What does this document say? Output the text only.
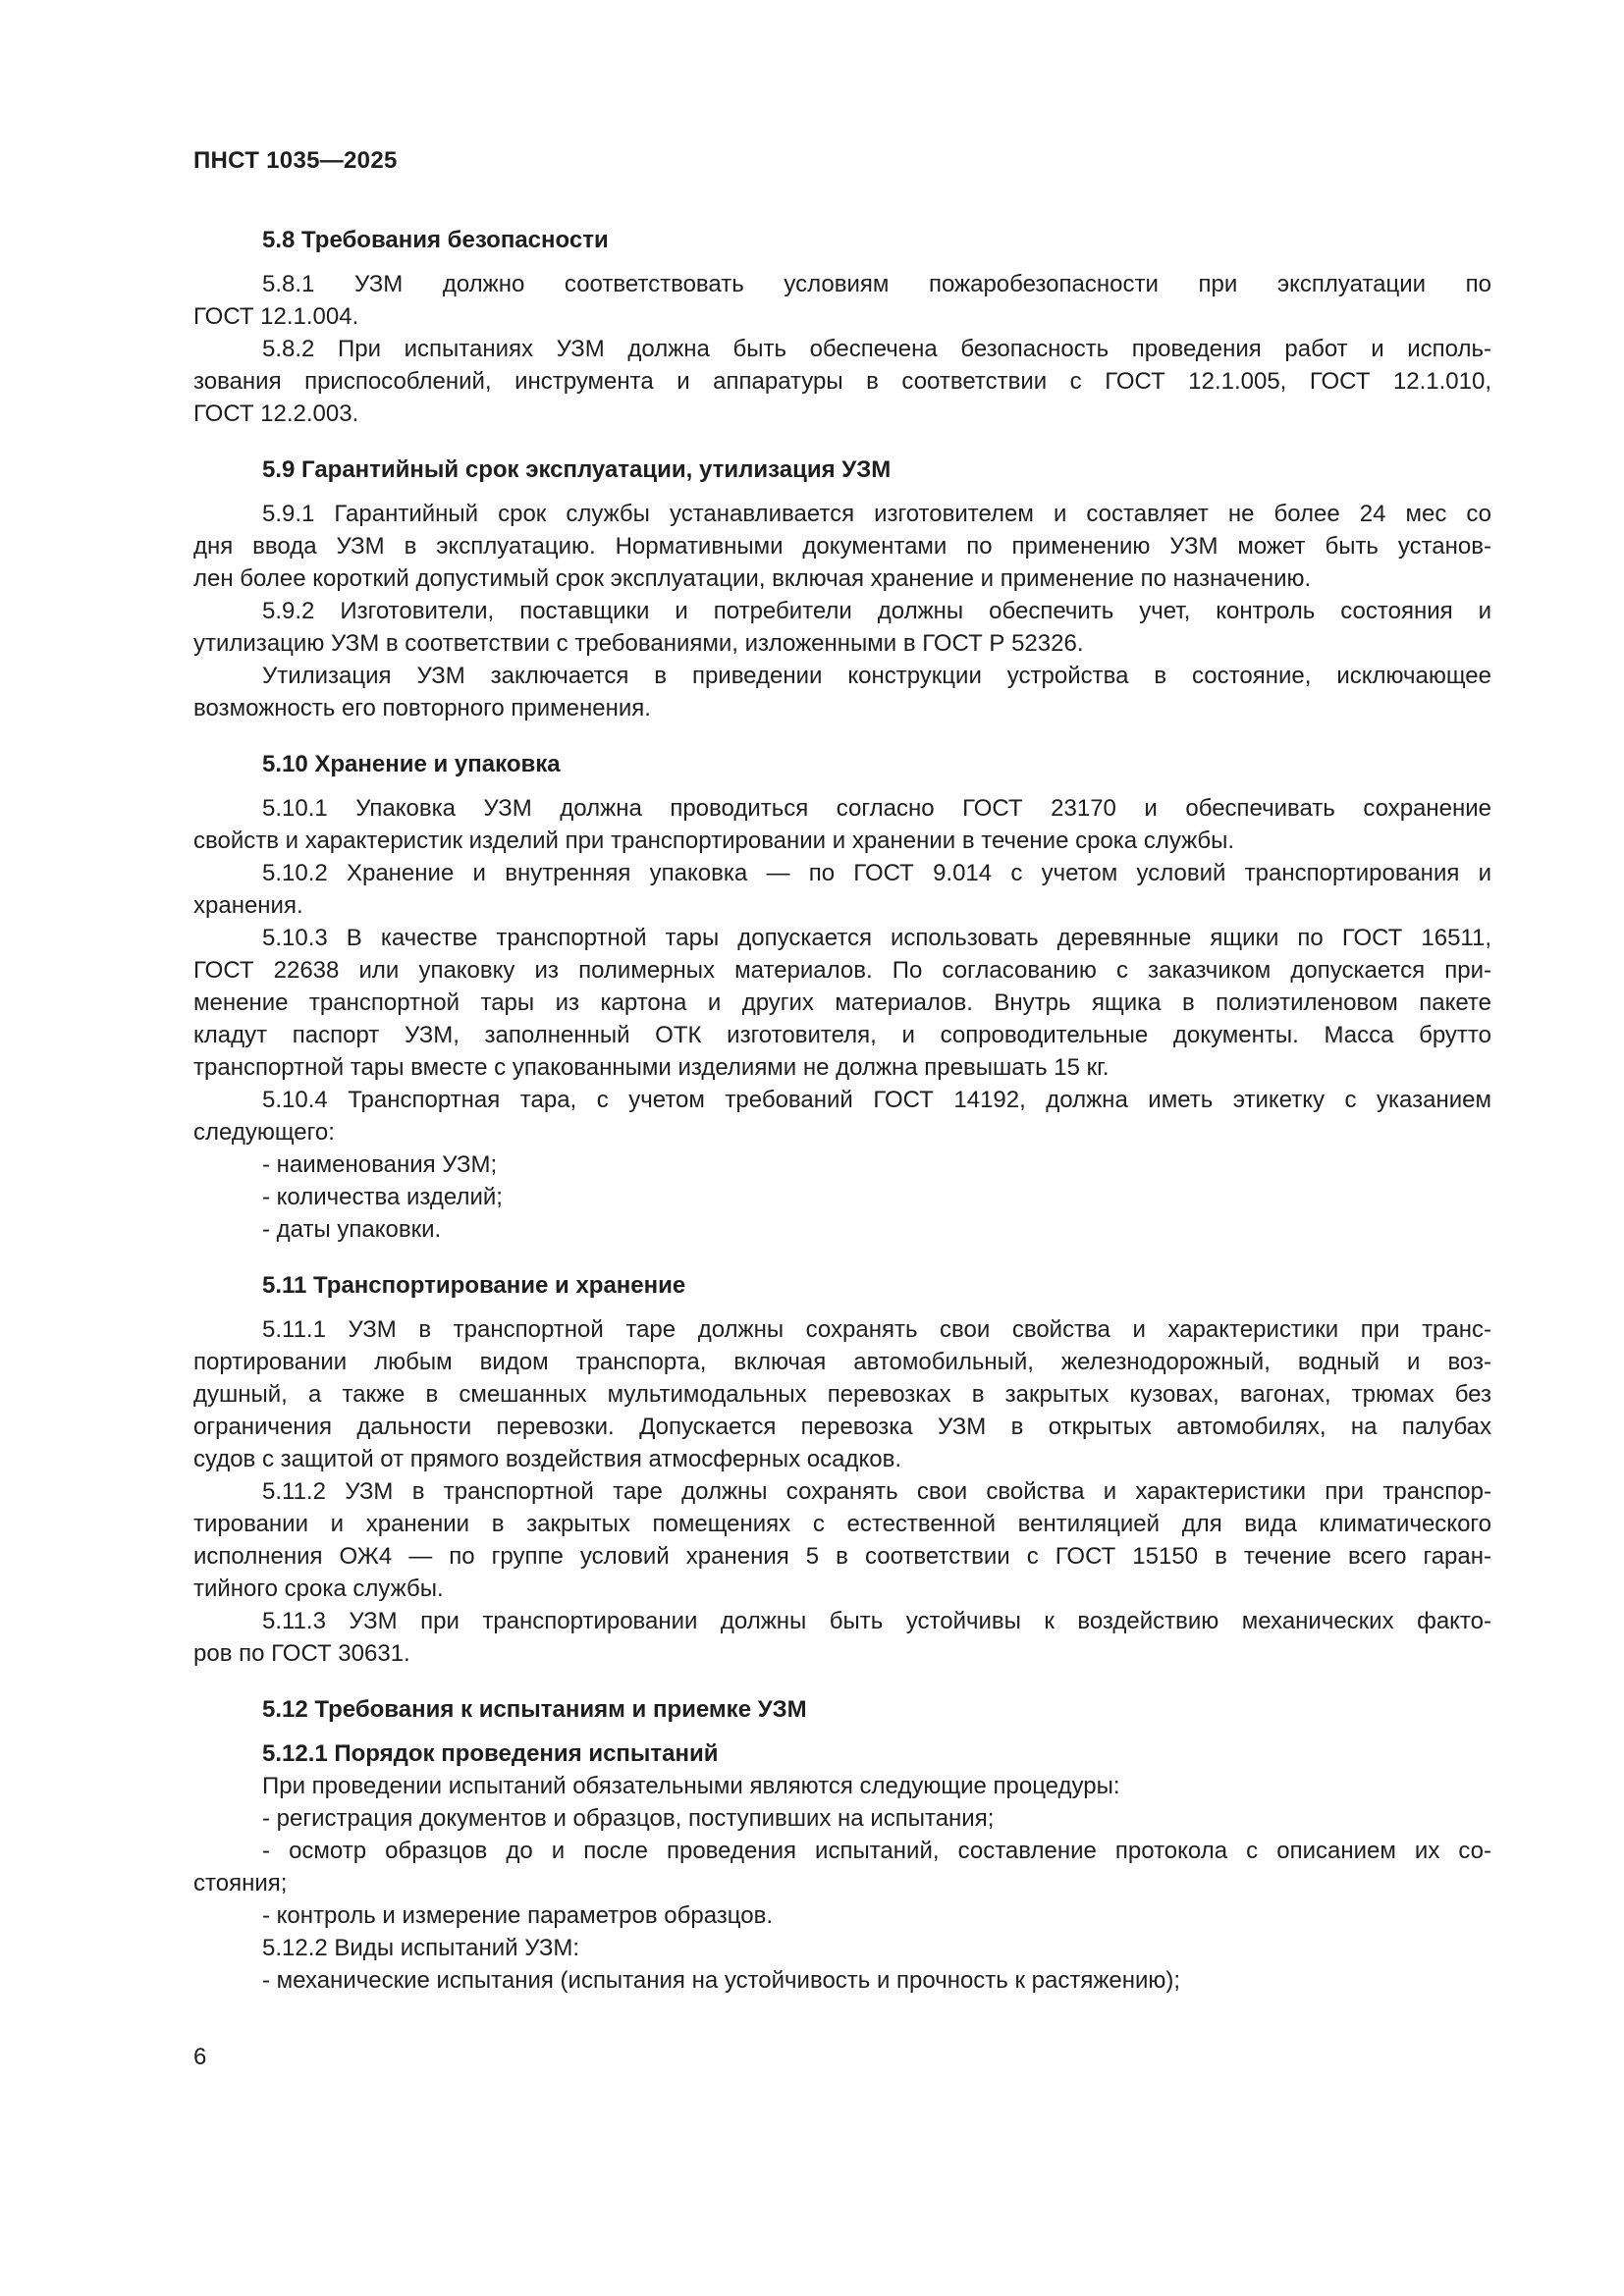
ПНСТ 1035—2025
5.8 Требования безопасности
5.8.1 УЗМ должно соответствовать условиям пожаробезопасности при эксплуатации по
ГОСТ 12.1.004.
5.8.2 При испытаниях УЗМ должна быть обеспечена безопасность проведения работ и исполь-
зования приспособлений, инструмента и аппаратуры в соответствии с ГОСТ 12.1.005, ГОСТ 12.1.010,
ГОСТ 12.2.003.
5.9 Гарантийный срок эксплуатации, утилизация УЗМ
5.9.1 Гарантийный срок службы устанавливается изготовителем и составляет не более 24 мес со
дня ввода УЗМ в эксплуатацию. Нормативными документами по применению УЗМ может быть установ-
лен более короткий допустимый срок эксплуатации, включая хранение и применение по назначению.
5.9.2 Изготовители, поставщики и потребители должны обеспечить учет, контроль состояния и
утилизацию УЗМ в соответствии с требованиями, изложенными в ГОСТ Р 52326.
Утилизация УЗМ заключается в приведении конструкции устройства в состояние, исключающее
возможность его повторного применения.
5.10 Хранение и упаковка
5.10.1 Упаковка УЗМ должна проводиться согласно ГОСТ 23170 и обеспечивать сохранение
свойств и характеристик изделий при транспортировании и хранении в течение срока службы.
5.10.2 Хранение и внутренняя упаковка — по ГОСТ 9.014 с учетом условий транспортирования и
хранения.
5.10.3 В качестве транспортной тары допускается использовать деревянные ящики по ГОСТ 16511,
ГОСТ 22638 или упаковку из полимерных материалов. По согласованию с заказчиком допускается при-
менение транспортной тары из картона и других материалов. Внутрь ящика в полиэтиленовом пакете
кладут паспорт УЗМ, заполненный ОТК изготовителя, и сопроводительные документы. Масса брутто
транспортной тары вместе с упакованными изделиями не должна превышать 15 кг.
5.10.4 Транспортная тара, с учетом требований ГОСТ 14192, должна иметь этикетку с указанием
следующего:
- наименования УЗМ;
- количества изделий;
- даты упаковки.
5.11 Транспортирование и хранение
5.11.1 УЗМ в транспортной таре должны сохранять свои свойства и характеристики при транс-
портировании любым видом транспорта, включая автомобильный, железнодорожный, водный и воз-
душный, а также в смешанных мультимодальных перевозках в закрытых кузовах, вагонах, трюмах без
ограничения дальности перевозки. Допускается перевозка УЗМ в открытых автомобилях, на палубах
судов с защитой от прямого воздействия атмосферных осадков.
5.11.2 УЗМ в транспортной таре должны сохранять свои свойства и характеристики при транспор-
тировании и хранении в закрытых помещениях с естественной вентиляцией для вида климатического
исполнения ОЖ4 — по группе условий хранения 5 в соответствии с ГОСТ 15150 в течение всего гаран-
тийного срока службы.
5.11.3 УЗМ при транспортировании должны быть устойчивы к воздействию механических факто-
ров по ГОСТ 30631.
5.12 Требования к испытаниям и приемке УЗМ
5.12.1 Порядок проведения испытаний
При проведении испытаний обязательными являются следующие процедуры:
- регистрация документов и образцов, поступивших на испытания;
- осмотр образцов до и после проведения испытаний, составление протокола с описанием их со-
стояния;
- контроль и измерение параметров образцов.
5.12.2 Виды испытаний УЗМ:
- механические испытания (испытания на устойчивость и прочность к растяжению);
6
